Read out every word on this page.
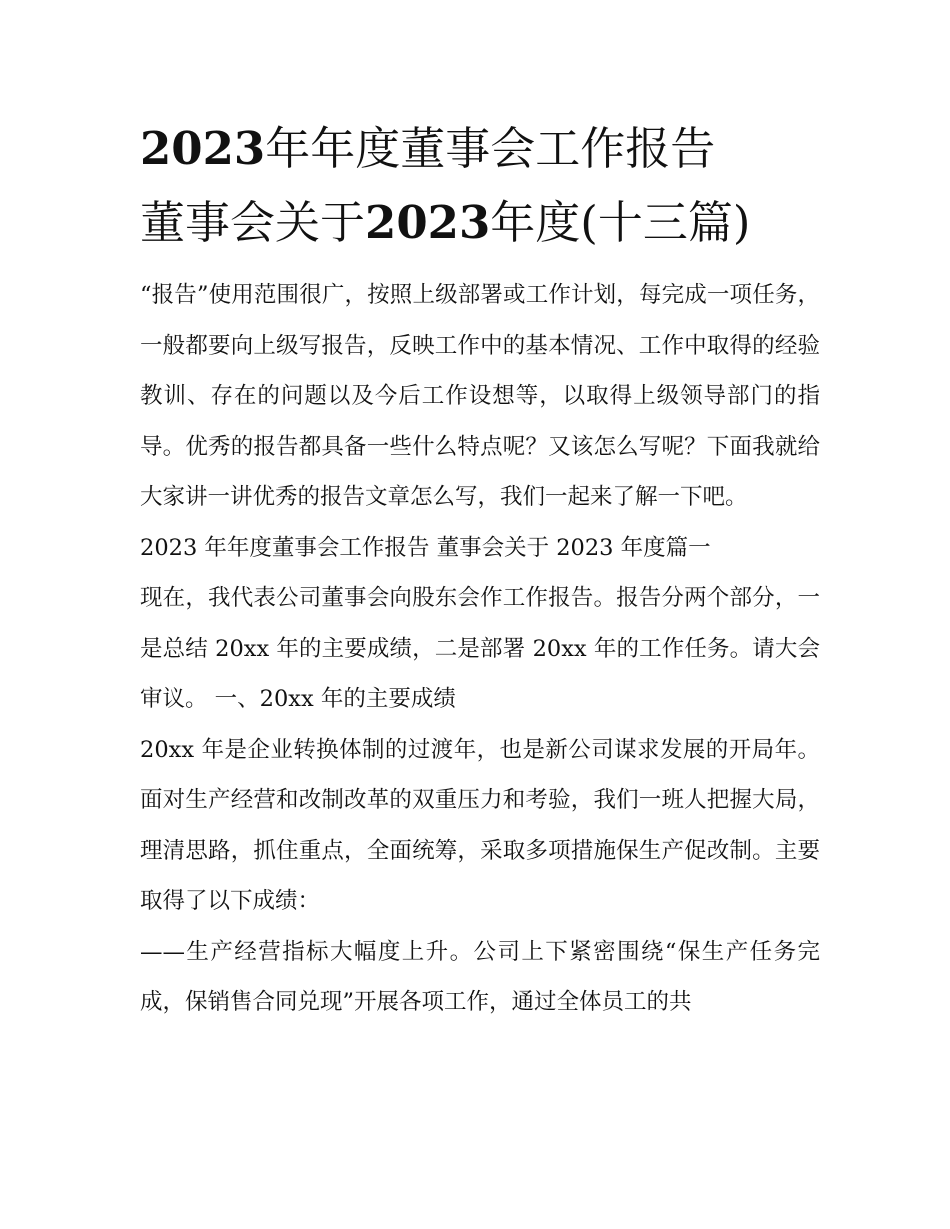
2023年年度董事会工作报告
董事会关于2023年度(十三篇)

“报告”使用范围很广，按照上级部署或工作计划，每完成一项任务，一般都要向上级写报告，反映工作中的基本情况、工作中取得的经验教训、存在的问题以及今后工作设想等，以取得上级领导部门的指导。优秀的报告都具备一些什么特点呢？又该怎么写呢？下面我就给大家讲一讲优秀的报告文章怎么写，我们一起来了解一下吧。

2023 年年度董事会工作报告 董事会关于 2023 年度篇一

现在，我代表公司董事会向股东会作工作报告。报告分两个部分，一是总结 20xx 年的主要成绩，二是部署 20xx 年的工作任务。请大会审议。 一、20xx 年的主要成绩

20xx 年是企业转换体制的过渡年，也是新公司谋求发展的开局年。面对生产经营和改制改革的双重压力和考验，我们一班人把握大局，理清思路，抓住重点，全面统筹，采取多项措施保生产促改制。主要取得了以下成绩：

——生产经营指标大幅度上升。公司上下紧密围绕“保生产任务完成，保销售合同兑现”开展各项工作，通过全体员工的共
